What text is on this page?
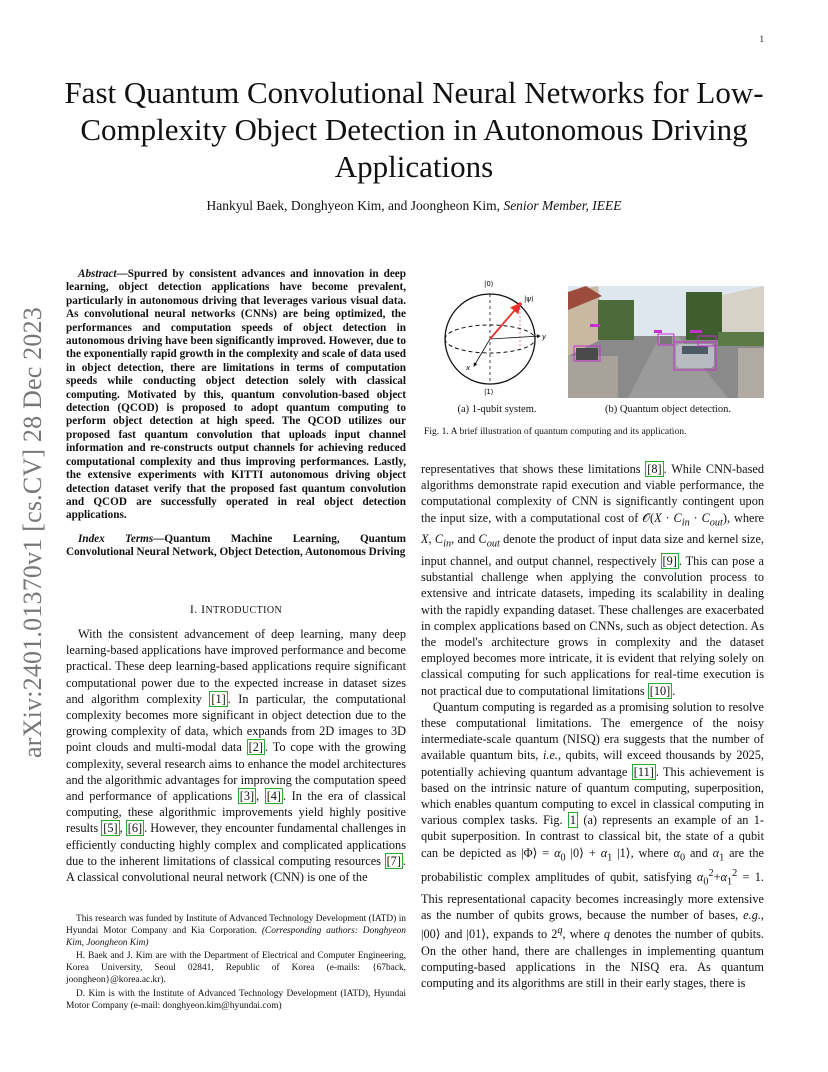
1
arXiv:2401.01370v1 [cs.CV] 28 Dec 2023
Fast Quantum Convolutional Neural Networks for Low-Complexity Object Detection in Autonomous Driving Applications
Hankyul Baek, Donghyeon Kim, and Joongheon Kim, Senior Member, IEEE
Abstract—Spurred by consistent advances and innovation in deep learning, object detection applications have become prevalent, particularly in autonomous driving that leverages various visual data. As convolutional neural networks (CNNs) are being optimized, the performances and computation speeds of object detection in autonomous driving have been significantly improved. However, due to the exponentially rapid growth in the complexity and scale of data used in object detection, there are limitations in terms of computation speeds while conducting object detection solely with classical computing. Motivated by this, quantum convolution-based object detection (QCOD) is proposed to adopt quantum computing to perform object detection at high speed. The QCOD utilizes our proposed fast quantum convolution that uploads input channel information and re-constructs output channels for achieving reduced computational complexity and thus improving performances. Lastly, the extensive experiments with KITTI autonomous driving object detection dataset verify that the proposed fast quantum convolution and QCOD are successfully operated in real object detection applications.
Index Terms—Quantum Machine Learning, Quantum Convolutional Neural Network, Object Detection, Autonomous Driving
I. INTRODUCTION
With the consistent advancement of deep learning, many deep learning-based applications have improved performance and become practical. These deep learning-based applications require significant computational power due to the expected increase in dataset sizes and algorithm complexity [1] . In particular, the computational complexity becomes more significant in object detection due to the growing complexity of data, which expands from 2D images to 3D point clouds and multi-modal data [2] . To cope with the growing complexity, several research aims to enhance the model architectures and the algorithmic advantages for improving the computation speed and performance of applications [3] , [4] . In the era of classical computing, these algorithmic improvements yield highly positive results [5] , [6] . However, they encounter fundamental challenges in efficiently conducting highly complex and complicated applications due to the inherent limitations of classical computing resources [7] . A classical convolutional neural network (CNN) is one of the

This research was funded by Institute of Advanced Technology Development (IATD) in Hyundai Motor Company and Kia Corporation. (Corresponding authors: Donghyeon Kim, Joongheon Kim)

H. Baek and J. Kim are with the Department of Electrical and Computer Engineering, Korea University, Seoul 02841, Republic of Korea (e-mails: {67back, joongheon}@korea.ac.kr).

D. Kim is with the Institute of Advanced Technology Development (IATD), Hyundai Motor Company (e-mail: donghyeon.kim@hyundai.com)

|0⟩
|ψ⟩
y
x
|1⟩
(a) 1-qubit system.	(b) Quantum object detection.
Fig. 1. A brief illustration of quantum computing and its application.

representatives that shows these limitations [8] . While CNN-based algorithms demonstrate rapid execution and viable performance, the computational complexity of CNN is significantly contingent upon the input size, with a computational cost of 𝒪(X · $C_{in} \cdot C_{out}$), where X, $C_{in}$, and $C_{out}$ denote the product of input data size and kernel size, input channel, and output channel, respectively [9] . This can pose a substantial challenge when applying the convolution process to extensive and intricate datasets, impeding its scalability in dealing with the rapidly expanding dataset. These challenges are exacerbated in complex applications based on CNNs, such as object detection. As the model's architecture grows in complexity and the dataset employed becomes more intricate, it is evident that relying solely on classical computing for such applications for real-time execution is not practical due to computational limitations [10] .

Quantum computing is regarded as a promising solution to resolve these computational limitations. The emergence of the noisy intermediate-scale quantum (NISQ) era suggests that the number of available quantum bits, i.e., qubits, will exceed thousands by 2025, potentially achieving quantum advantage [11] . This achievement is based on the intrinsic nature of quantum computing, superposition, which enables quantum computing to excel in classical computing in various complex tasks. Fig. 1 (a) represents an example of an 1-qubit superposition. In contrast to classical bit, the state of a qubit can be depicted as |Φ⟩ = $\alpha_0$ |0⟩ + $\alpha_1$ |1⟩, where $\alpha_0$ and $\alpha_1$ are the probabilistic complex amplitudes of qubit, satisfying $\alpha_0^2+\alpha_1^2 = 1$. This representational capacity becomes increasingly more extensive as the number of qubits grows, because the number of bases, e.g., |00⟩ and |01⟩, expands to 2$^q$, where q denotes the number of qubits. On the other hand, there are challenges in implementing quantum computing-based applications in the NISQ era. As quantum computing and its algorithms are still in their early stages, there is
